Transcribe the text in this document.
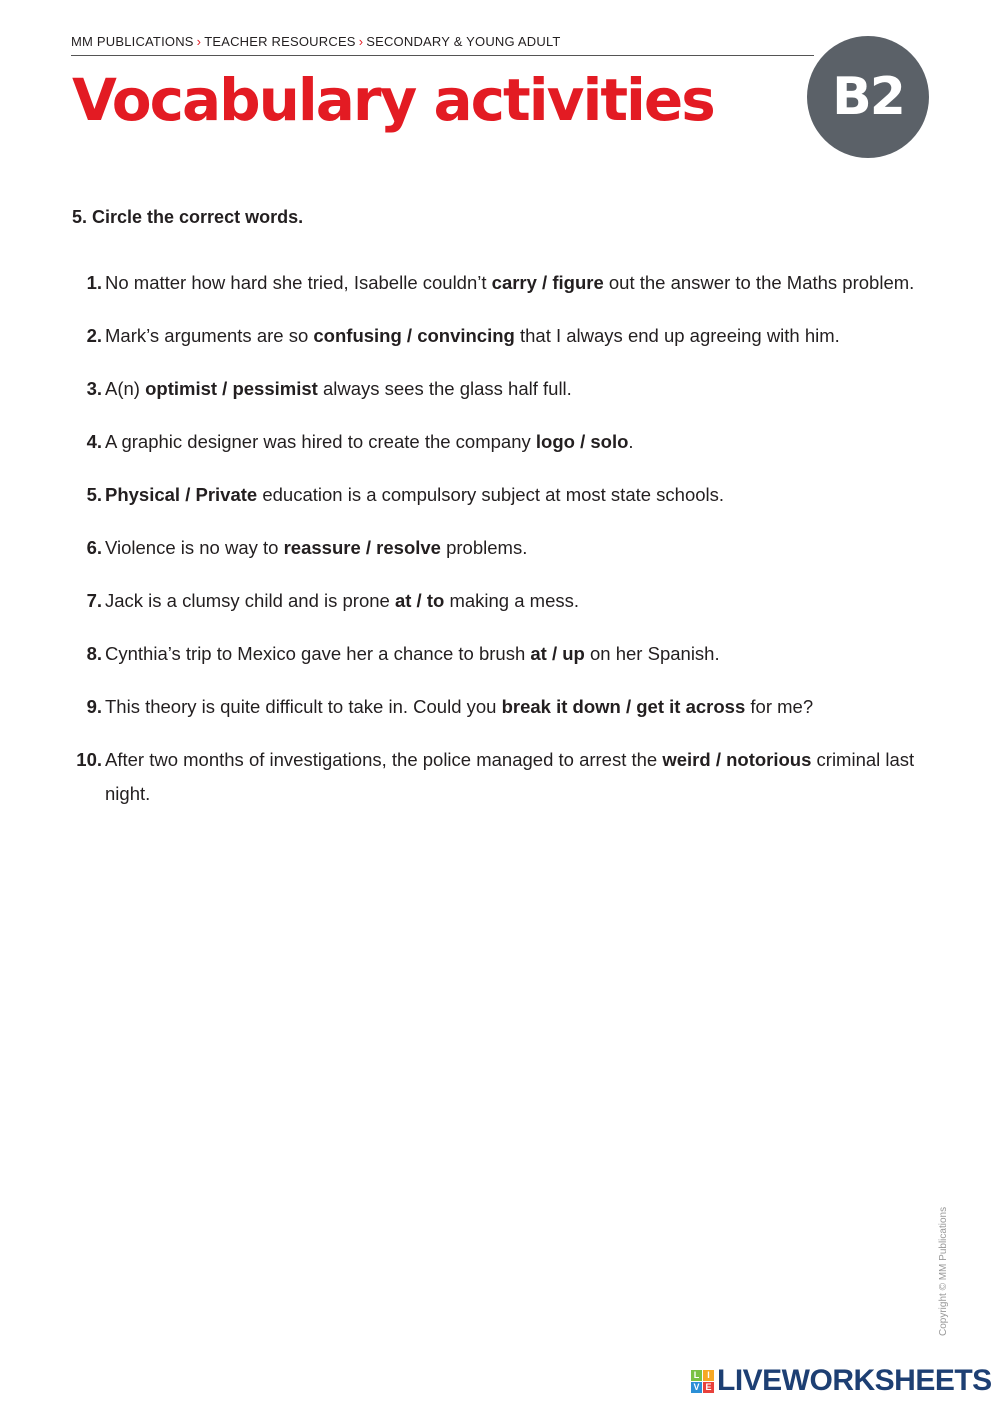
MM PUBLICATIONS › TEACHER RESOURCES › SECONDARY & YOUNG ADULT
Vocabulary activities	B2
5. Circle the correct words.
1. No matter how hard she tried, Isabelle couldn’t carry / figure out the answer to the Maths problem.
2. Mark’s arguments are so confusing / convincing that I always end up agreeing with him.
3. A(n) optimist / pessimist always sees the glass half full.
4. A graphic designer was hired to create the company logo / solo.
5. Physical / Private education is a compulsory subject at most state schools.
6. Violence is no way to reassure / resolve problems.
7. Jack is a clumsy child and is prone at / to making a mess.
8. Cynthia’s trip to Mexico gave her a chance to brush at / up on her Spanish.
9. This theory is quite difficult to take in. Could you break it down / get it across for me?
10. After two months of investigations, the police managed to arrest the weird / notorious criminal last night.
Copyright © MM Publications
L I
V E LIVEWORKSHEETS
